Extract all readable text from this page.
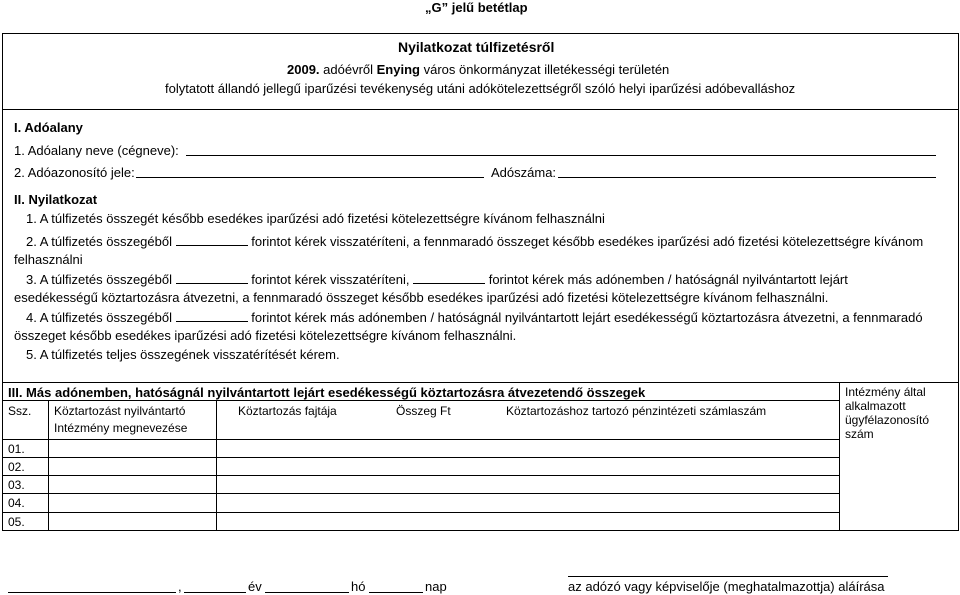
„G” jelű betétlap
Nyilatkozat túlfizetésről
2009. adóévről Enying város önkormányzat illetékességi területén
folytatott állandó jellegű iparűzési tevékenység utáni adókötelezettségről szóló helyi iparűzési adóbevalláshoz
I. Adóalany
1. Adóalany neve (cégneve):
2. Adóazonosító jele:	Adószáma:
II. Nyilatkozat
1. A túlfizetés összegét később esedékes iparűzési adó fizetési kötelezettségre kívánom felhasználni
2. A túlfizetés összegéből	forintot kérek visszatéríteni, a fennmaradó összeget később esedékes iparűzési adó fizetési kötelezettségre kívánom
felhasználni
3. A túlfizetés összegéből	forintot kérek visszatéríteni,	forintot kérek más adónemben / hatóságnál nyilvántartott lejárt
esedékességű köztartozásra átvezetni, a fennmaradó összeget később esedékes iparűzési adó fizetési kötelezettségre kívánom felhasználni.
4. A túlfizetés összegéből	forintot kérek más adónemben / hatóságnál nyilvántartott lejárt esedékességű köztartozásra átvezetni, a fennmaradó
összeget később esedékes iparűzési adó fizetési kötelezettségre kívánom felhasználni.
5. A túlfizetés teljes összegének visszatérítését kérem.
III. Más adónemben, hatóságnál nyilvántartott lejárt esedékességű köztartozásra átvezetendő összegek	Intézmény által alkalmazott ügyfélazonosító szám
Ssz. Köztartozást nyilvántartó Intézmény megnevezése
Köztartozás fajtája	Összeg Ft	Köztartozáshoz tartozó pénzintézeti számlaszám
01.
02.
03.
04.
05.
,	év	hó	nap	az adózó vagy képviselője (meghatalmazottja) aláírása
